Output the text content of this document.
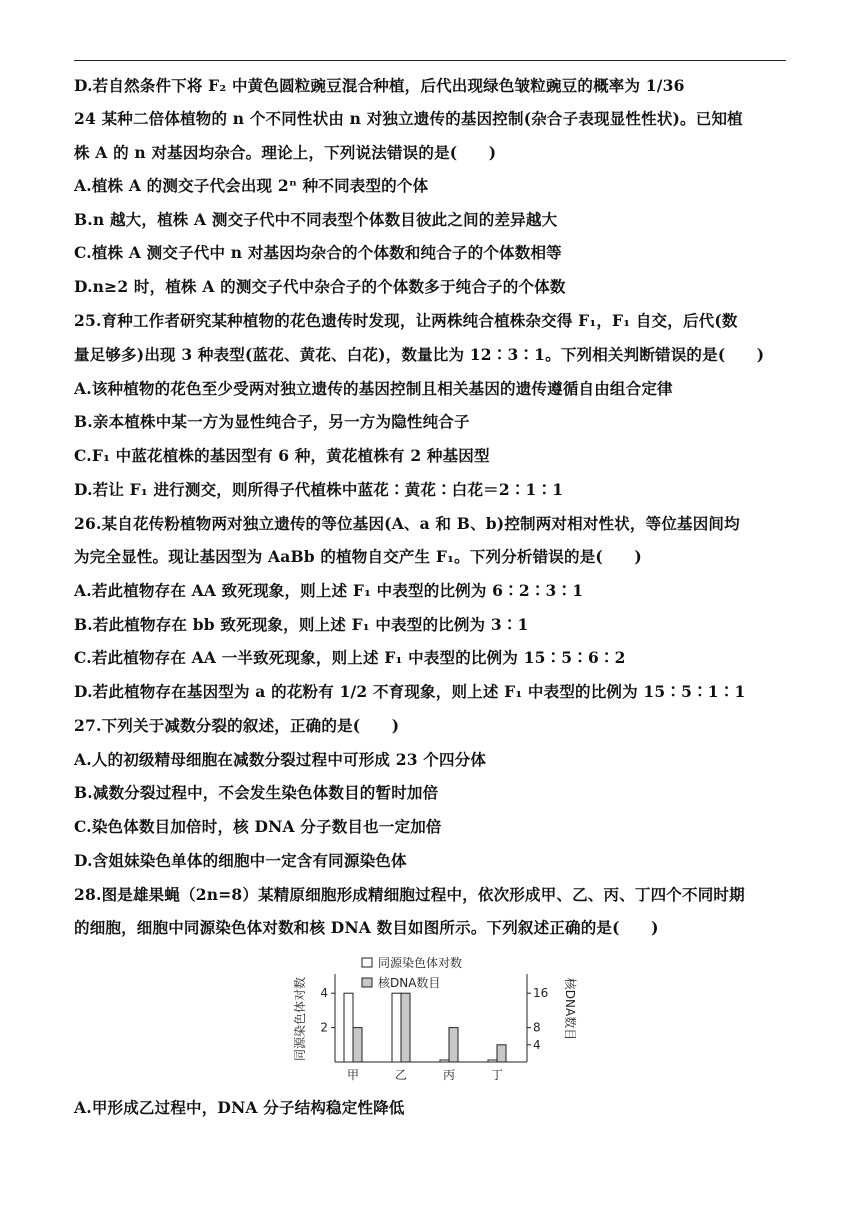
D.若自然条件下将 F₂ 中黄色圆粒豌豆混合种植，后代出现绿色皱粒豌豆的概率为 1/36
24 某种二倍体植物的 n 个不同性状由 n 对独立遗传的基因控制(杂合子表现显性性状)。已知植
株 A 的 n 对基因均杂合。理论上，下列说法错误的是(　　)
A.植株 A 的测交子代会出现 2ⁿ 种不同表型的个体
B.n 越大，植株 A 测交子代中不同表型个体数目彼此之间的差异越大
C.植株 A 测交子代中 n 对基因均杂合的个体数和纯合子的个体数相等
D.n≥2 时，植株 A 的测交子代中杂合子的个体数多于纯合子的个体数
25.育种工作者研究某种植物的花色遗传时发现，让两株纯合植株杂交得 F₁，F₁ 自交，后代(数
量足够多)出现 3 种表型(蓝花、黄花、白花)，数量比为 12∶3∶1。下列相关判断错误的是(　　)
A.该种植物的花色至少受两对独立遗传的基因控制且相关基因的遗传遵循自由组合定律
B.亲本植株中某一方为显性纯合子，另一方为隐性纯合子
C.F₁ 中蓝花植株的基因型有 6 种，黄花植株有 2 种基因型
D.若让 F₁ 进行测交，则所得子代植株中蓝花∶黄花∶白花＝2∶1∶1
26.某自花传粉植物两对独立遗传的等位基因(A、a 和 B、b)控制两对相对性状，等位基因间均
为完全显性。现让基因型为 AaBb 的植物自交产生 F₁。下列分析错误的是(　　)
A.若此植物存在 AA 致死现象，则上述 F₁ 中表型的比例为 6∶2∶3∶1
B.若此植物存在 bb 致死现象，则上述 F₁ 中表型的比例为 3∶1
C.若此植物存在 AA 一半致死现象，则上述 F₁ 中表型的比例为 15∶5∶6∶2
D.若此植物存在基因型为 a 的花粉有 1/2 不育现象，则上述 F₁ 中表型的比例为 15∶5∶1∶1
27.下列关于减数分裂的叙述，正确的是(　　)
A.人的初级精母细胞在减数分裂过程中可形成 23 个四分体
B.减数分裂过程中，不会发生染色体数目的暂时加倍
C.染色体数目加倍时，核 DNA 分子数目也一定加倍
D.含姐妹染色单体的细胞中一定含有同源染色体
28.图是雄果蝇（2n=8）某精原细胞形成精细胞过程中，依次形成甲、乙、丙、丁四个不同时期
的细胞，细胞中同源染色体对数和核 DNA 数目如图所示。下列叙述正确的是(　　)
A.甲形成乙过程中，DNA 分子结构稳定性降低
2
4
4
8
16
同源染色体对数	核DNA数目
甲	乙	丙	丁
同源染色体对数
核DNA数目
